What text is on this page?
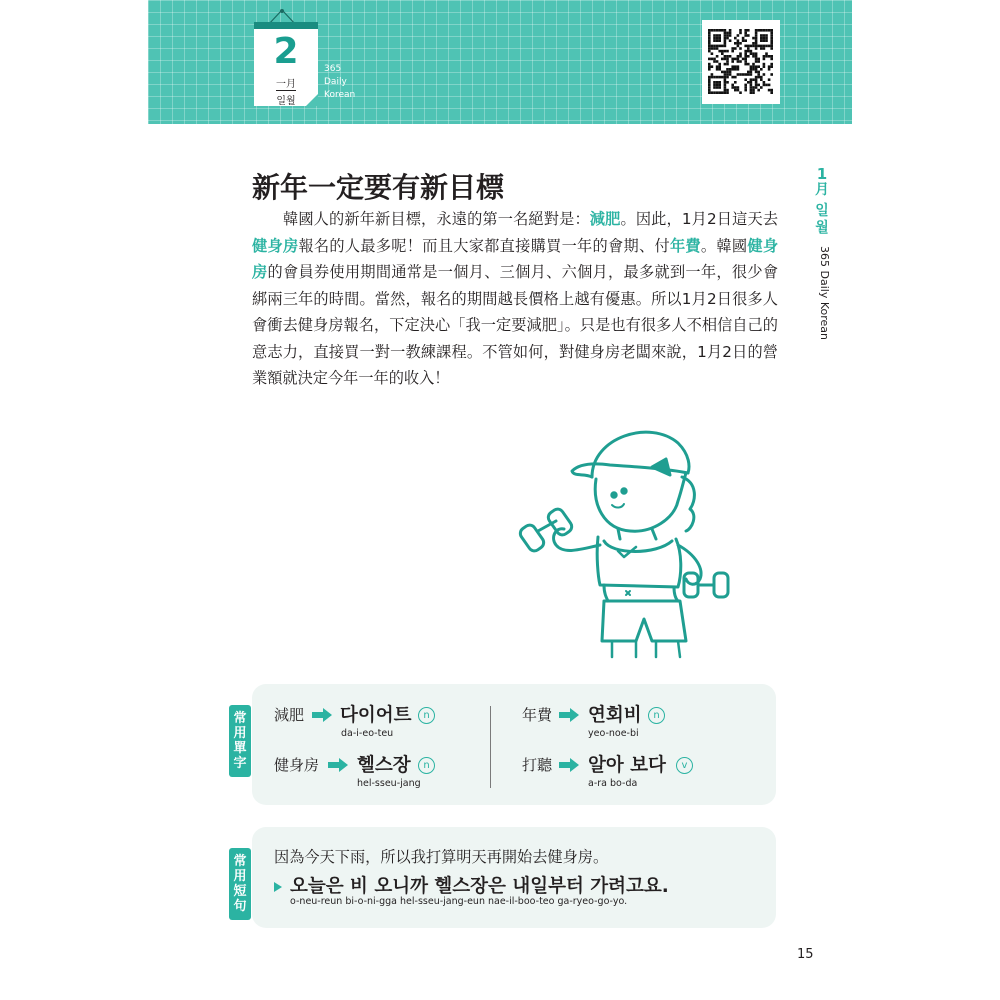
2
一月
일월
365
Daily
Korean
新年一定要有新目標

韓國人的新年新目標，永遠的第一名絕對是：減肥。因此，1月2日這天去健身房報名的人最多呢！而且大家都直接購買一年的會期、付年費。韓國健身房的會員券使用期間通常是一個月、三個月、六個月，最多就到一年，很少會綁兩三年的時間。當然，報名的期間越長價格上越有優惠。所以1月2日很多人會衝去健身房報名，下定決心「我一定要減肥」。只是也有很多人不相信自己的意志力，直接買一對一教練課程。不管如何，對健身房老闆來說，1月2日的營業額就決定今年一年的收入！

1
月
일
월
365 Daily Korean
常
用
單
字
減肥 다이어트	n
da-i-eo-teu
年費 연회비	n
yeo-noe-bi
健身房 헬스장	n
hel-sseu-jang
打聽 알아 보다	v
a-ra bo-da
常
用
短
句
因為今天下雨，所以我打算明天再開始去健身房。
오늘은 비 오니까 헬스장은 내일부터 가려고요.
o-neu-reun bi-o-ni-gga hel-sseu-jang-eun nae-il-boo-teo ga-ryeo-go-yo.
15
